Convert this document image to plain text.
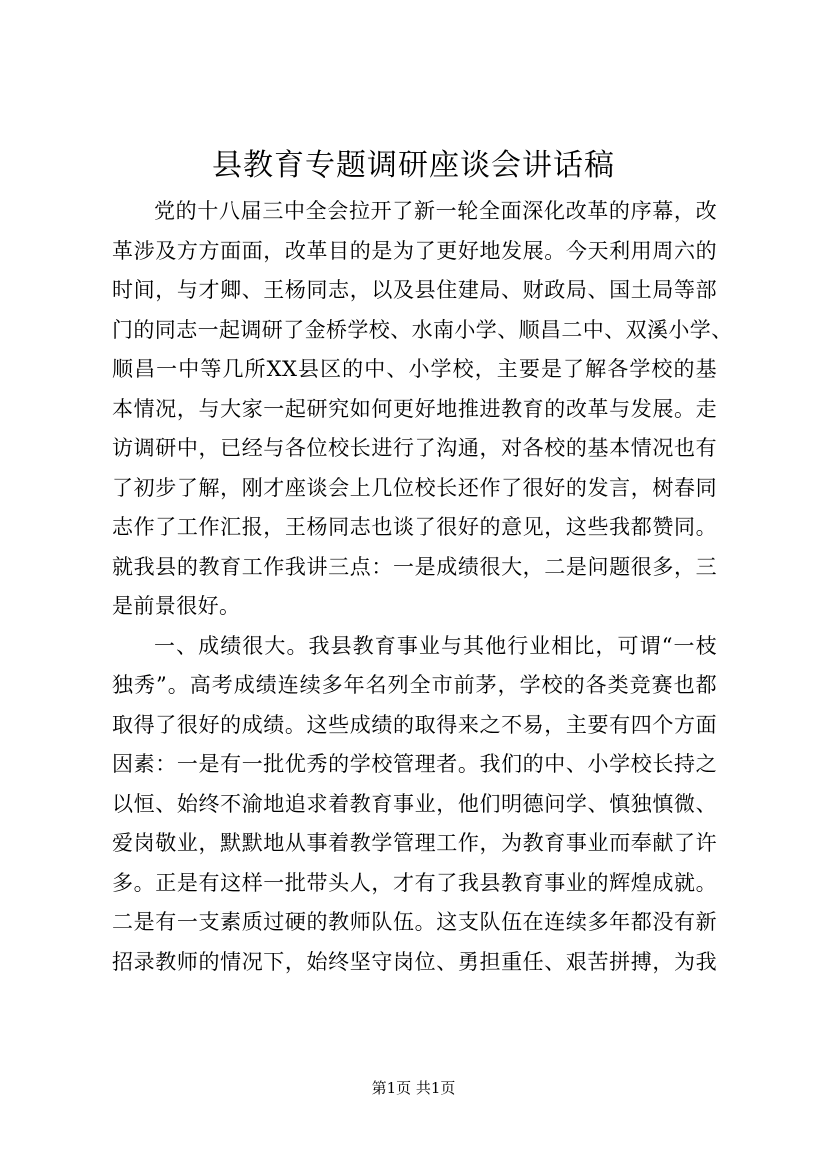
县教育专题调研座谈会讲话稿
党的十八届三中全会拉开了新一轮全面深化改革的序幕，改
革涉及方方面面，改革目的是为了更好地发展。今天利用周六的
时间，与才卿、王杨同志，以及县住建局、财政局、国土局等部
门的同志一起调研了金桥学校、水南小学、顺昌二中、双溪小学、
顺昌一中等几所XX县区的中、小学校，主要是了解各学校的基
本情况，与大家一起研究如何更好地推进教育的改革与发展。走
访调研中，已经与各位校长进行了沟通，对各校的基本情况也有
了初步了解，刚才座谈会上几位校长还作了很好的发言，树春同
志作了工作汇报，王杨同志也谈了很好的意见，这些我都赞同。
就我县的教育工作我讲三点：一是成绩很大，二是问题很多，三
是前景很好。
一、成绩很大。我县教育事业与其他行业相比，可谓“一枝
独秀”。高考成绩连续多年名列全市前茅，学校的各类竞赛也都
取得了很好的成绩。这些成绩的取得来之不易，主要有四个方面
因素：一是有一批优秀的学校管理者。我们的中、小学校长持之
以恒、始终不渝地追求着教育事业，他们明德问学、慎独慎微、
爱岗敬业，默默地从事着教学管理工作，为教育事业而奉献了许
多。正是有这样一批带头人，才有了我县教育事业的辉煌成就。
二是有一支素质过硬的教师队伍。这支队伍在连续多年都没有新
招录教师的情况下，始终坚守岗位、勇担重任、艰苦拼搏，为我
第1页 共1页
